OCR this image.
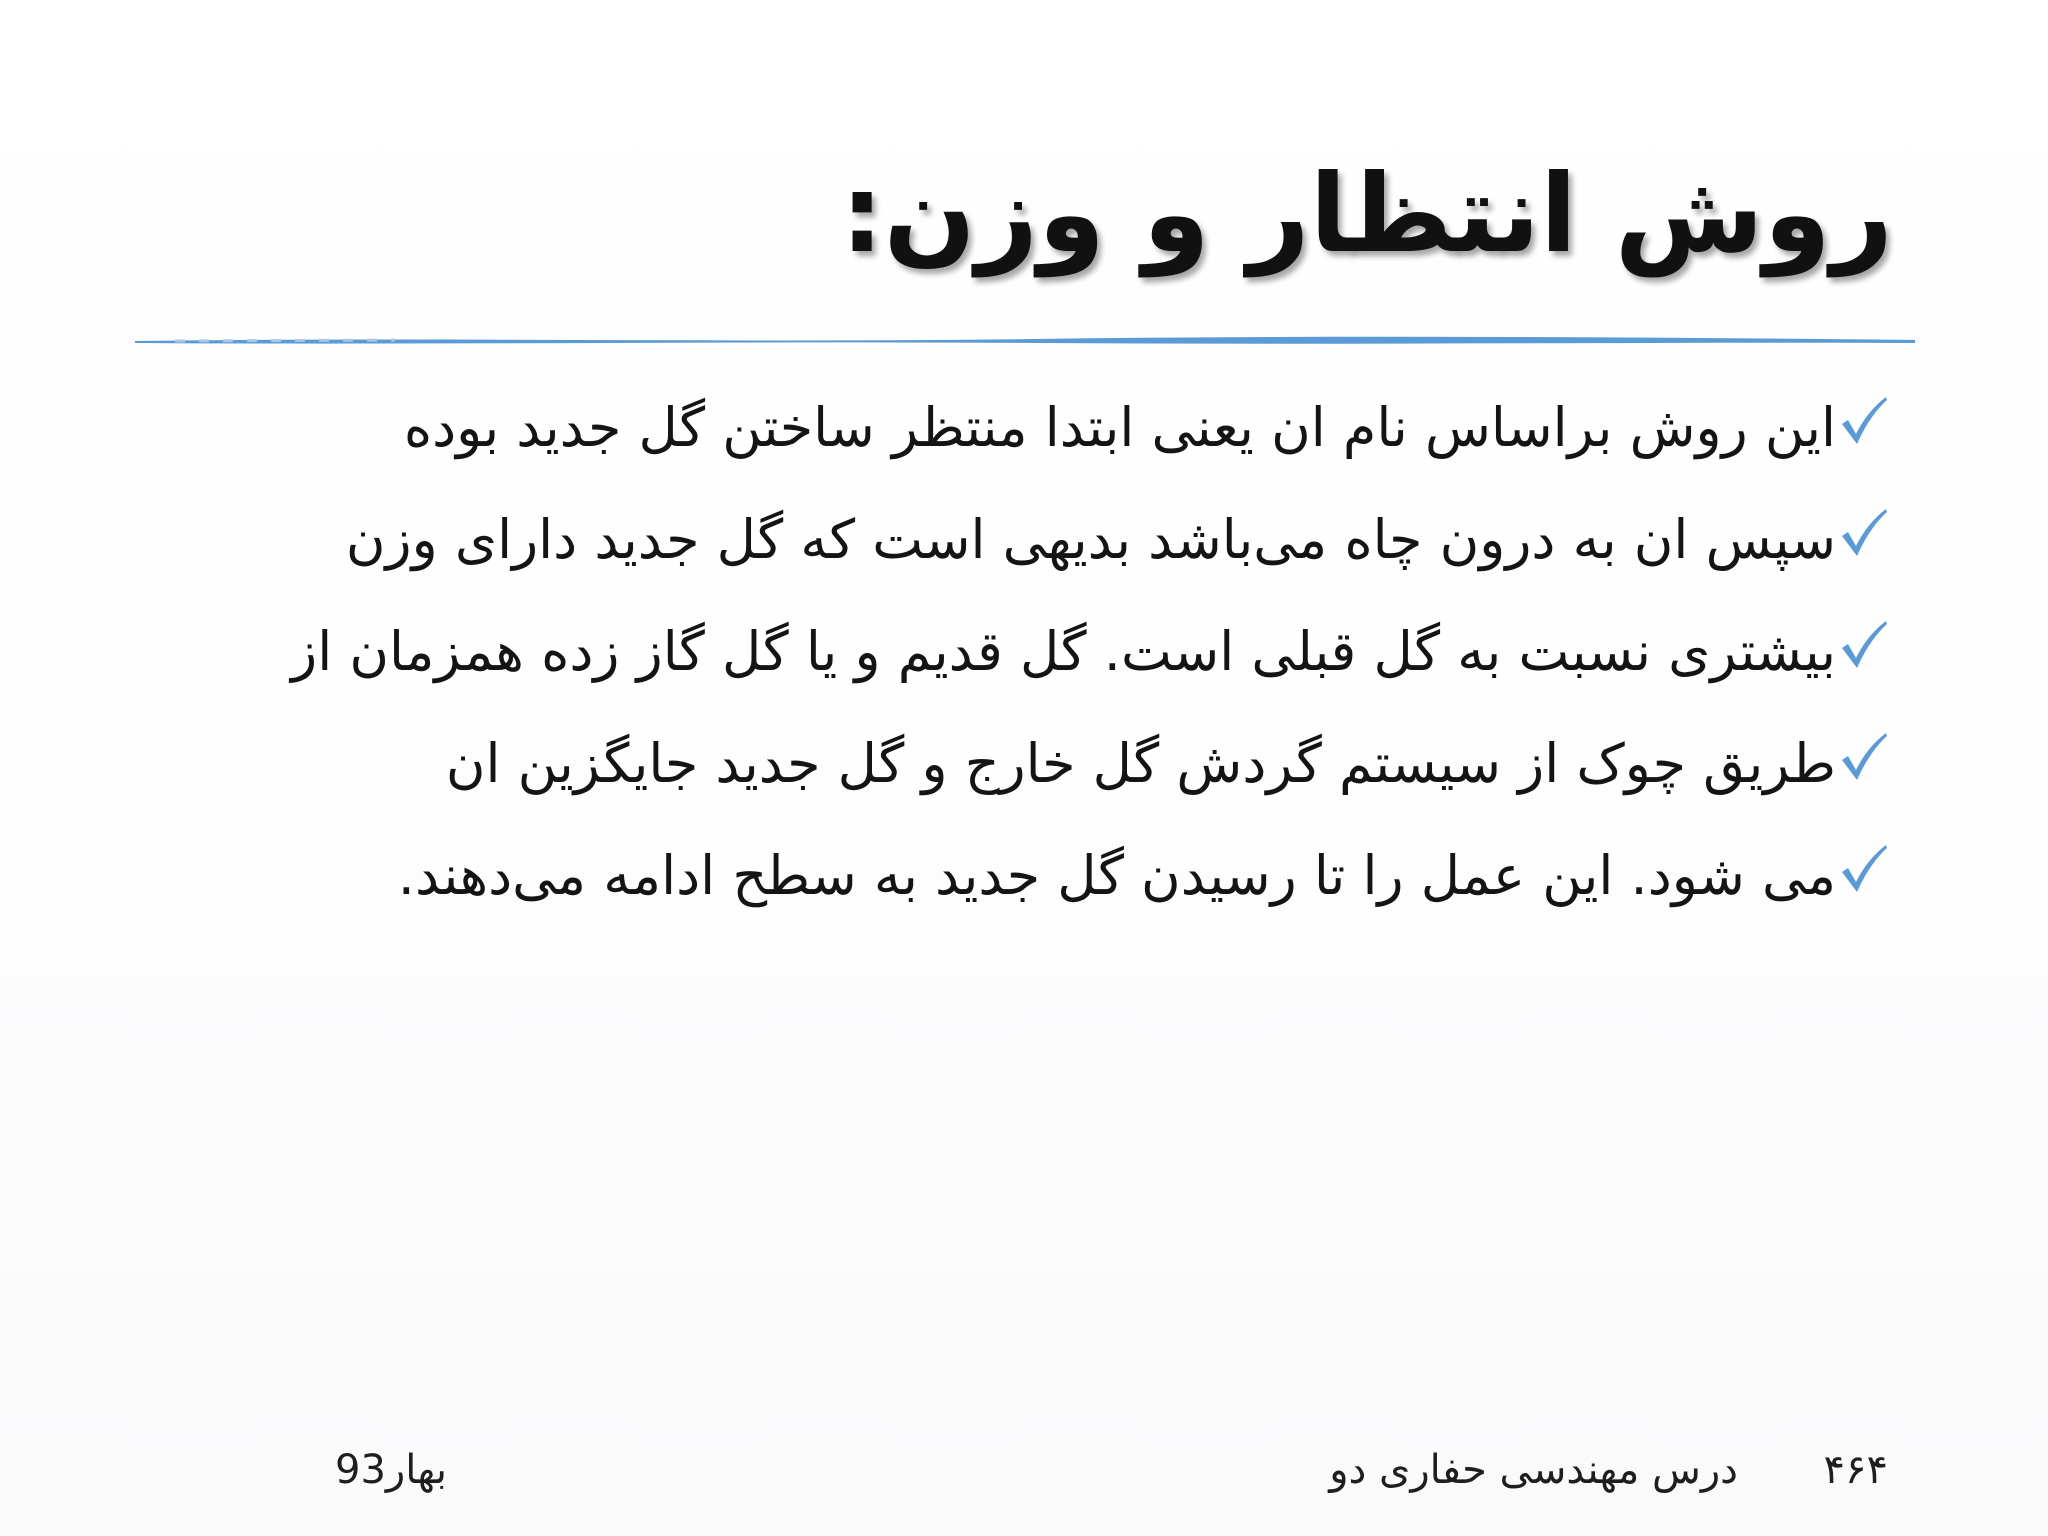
روش انتظار و وزن:
این روش براساس نام ان یعنی ابتدا منتظر ساختن گل جدید بوده
سپس ان به درون چاه می‌باشد بدیهی است که گل جدید دارای وزن
بیشتری نسبت به گل قبلی است. گل قدیم و یا گل گاز زده همزمان از
طریق چوک از سیستم گردش گل خارج و گل جدید جایگزین ان
می شود. این عمل را تا رسیدن گل جدید به سطح ادامه می‌دهند.
۴۶۴
درس مهندسی حفاری دو
بهار93
